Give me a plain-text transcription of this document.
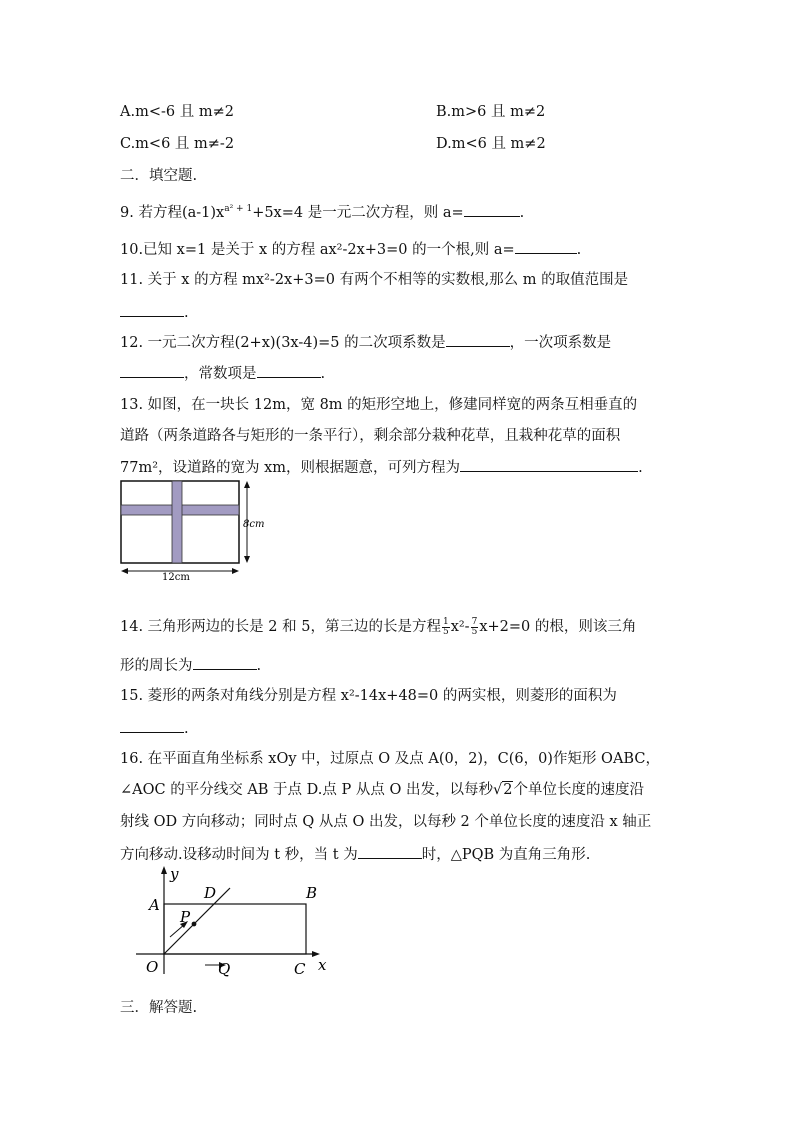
A.m<-6 且 m≠2	B.m>6 且 m≠2
C.m<6 且 m≠-2	D.m<6 且 m≠2
二．填空题.
9. 若方程$(a-1)x^{a^2 + 1}+5x=4$ 是一元二次方程，则 a=	.
10.已知 x=1 是关于 x 的方程 ax²-2x+3=0 的一个根,则 a=	.
11. 关于 x 的方程 mx²-2x+3=0 有两个不相等的实数根,那么 m 的取值范围是
.
12. 一元二次方程(2+x)(3x-4)=5 的二次项系数是	，一次项系数是
，常数项是	.
13. 如图，在一块长 12m，宽 8m 的矩形空地上，修建同样宽的两条互相垂直的
道路（两条道路各与矩形的一条平行），剩余部分栽种花草，且栽种花草的面积
77m²，设道路的宽为 xm，则根据题意，可列方程为	.
8cm
12cm
14. 三角形两边的长是 2 和 5，第三边的长是方程 $\frac{1}{5} x^2- \frac{7}{5} x+2=0$ 的根，则该三角
形的周长为	.
15. 菱形的两条对角线分别是方程 x²-14x+48=0 的两实根，则菱形的面积为
.
16. 在平面直角坐标系 xOy 中，过原点 O 及点 A(0，2)，C(6，0)作矩形 OABC，
∠AOC 的平分线交 AB 于点 D.点 P 从点 O 出发，以每秒√2个单位长度的速度沿
射线 OD 方向移动；同时点 Q 从点 O 出发，以每秒 2 个单位长度的速度沿 x 轴正
方向移动.设移动时间为 t 秒，当 t 为	时，△PQB 为直角三角形.
y
A
D	B
P
O	Q	C x
三．解答题.
